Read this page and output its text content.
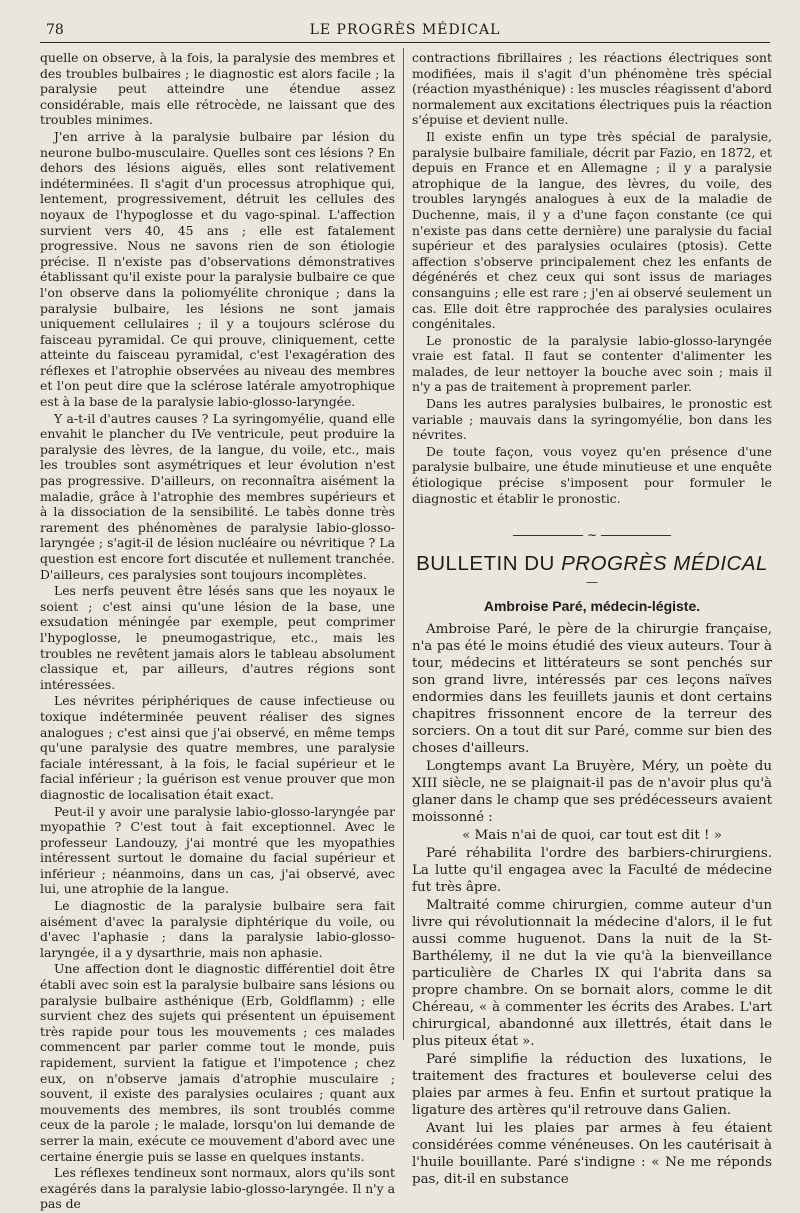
78	LE PROGRÈS MÉDICAL

quelle on observe, à la fois, la paralysie des membres et des troubles bulbaires ; le diagnostic est alors facile ; la paralysie peut atteindre une étendue assez considérable, mais elle rétrocède, ne laissant que des troubles minimes.

J'en arrive à la paralysie bulbaire par lésion du neurone bulbo-musculaire. Quelles sont ces lésions ? En dehors des lésions aiguës, elles sont relativement indéterminées. Il s'agit d'un processus atrophique qui, lentement, progressivement, détruit les cellules des noyaux de l'hypoglosse et du vago-spinal. L'affection survient vers 40, 45 ans ; elle est fatalement progressive. Nous ne savons rien de son étiologie précise. Il n'existe pas d'observations démonstratives établissant qu'il existe pour la paralysie bulbaire ce que l'on observe dans la poliomyélite chronique ; dans la paralysie bulbaire, les lésions ne sont jamais uniquement cellulaires ; il y a toujours sclérose du faisceau pyramidal. Ce qui prouve, cliniquement, cette atteinte du faisceau pyramidal, c'est l'exagération des réflexes et l'atrophie observées au niveau des membres et l'on peut dire que la sclérose latérale amyotrophique est à la base de la paralysie labio-glosso-laryngée.

Y a-t-il d'autres causes ? La syringomyélie, quand elle envahit le plancher du IVe ventricule, peut produire la paralysie des lèvres, de la langue, du voile, etc., mais les troubles sont asymétriques et leur évolution n'est pas progressive. D'ailleurs, on reconnaîtra aisément la maladie, grâce à l'atrophie des membres supérieurs et à la dissociation de la sensibilité. Le tabès donne très rarement des phénomènes de paralysie labio-glosso-laryngée ; s'agit-il de lésion nucléaire ou névritique ? La question est encore fort discutée et nullement tranchée. D'ailleurs, ces paralysies sont toujours incomplètes.

Les nerfs peuvent être lésés sans que les noyaux le soient ; c'est ainsi qu'une lésion de la base, une exsudation méningée par exemple, peut comprimer l'hypoglosse, le pneumogastrique, etc., mais les troubles ne revêtent jamais alors le tableau absolument classique et, par ailleurs, d'autres régions sont intéressées.

Les névrites périphériques de cause infectieuse ou toxique indéterminée peuvent réaliser des signes analogues ; c'est ainsi que j'ai observé, en même temps qu'une paralysie des quatre membres, une paralysie faciale intéressant, à la fois, le facial supérieur et le facial inférieur ; la guérison est venue prouver que mon diagnostic de localisation était exact.

Peut-il y avoir une paralysie labio-glosso-laryngée par myopathie ? C'est tout à fait exceptionnel. Avec le professeur Landouzy, j'ai montré que les myopathies intéressent surtout le domaine du facial supérieur et inférieur ; néanmoins, dans un cas, j'ai observé, avec lui, une atrophie de la langue.

Le diagnostic de la paralysie bulbaire sera fait aisément d'avec la paralysie diphtérique du voile, ou d'avec l'aphasie ; dans la paralysie labio-glosso-laryngée, il a y dysarthrie, mais non aphasie.

Une affection dont le diagnostic différentiel doit être établi avec soin est la paralysie bulbaire sans lésions ou paralysie bulbaire asthénique (Erb, Goldflamm) ; elle survient chez des sujets qui présentent un épuisement très rapide pour tous les mouvements ; ces malades commencent par parler comme tout le monde, puis rapidement, survient la fatigue et l'impotence ; chez eux, on n'observe jamais d'atrophie musculaire ; souvent, il existe des paralysies oculaires ; quant aux mouvements des membres, ils sont troublés comme ceux de la parole ; le malade, lorsqu'on lui demande de serrer la main, exécute ce mouvement d'abord avec une certaine énergie puis se lasse en quelques instants.

Les réflexes tendineux sont normaux, alors qu'ils sont exagérés dans la paralysie labio-glosso-laryngée. Il n'y a pas de

contractions fibrillaires ; les réactions électriques sont modifiées, mais il s'agit d'un phénomène très spécial (réaction myasthénique) : les muscles réagissent d'abord normalement aux excitations électriques puis la réaction s'épuise et devient nulle.

Il existe enfin un type très spécial de paralysie, paralysie bulbaire familiale, décrit par Fazio, en 1872, et depuis en France et en Allemagne ; il y a paralysie atrophique de la langue, des lèvres, du voile, des troubles laryngés analogues à eux de la maladie de Duchenne, mais, il y a d'une façon constante (ce qui n'existe pas dans cette dernière) une paralysie du facial supérieur et des paralysies oculaires (ptosis). Cette affection s'observe principalement chez les enfants de dégénérés et chez ceux qui sont issus de mariages consanguins ; elle est rare ; j'en ai observé seulement un cas. Elle doit être rapprochée des paralysies oculaires congénitales.

Le pronostic de la paralysie labio-glosso-laryngée vraie est fatal. Il faut se contenter d'alimenter les malades, de leur nettoyer la bouche avec soin ; mais il n'y a pas de traitement à proprement parler.

Dans les autres paralysies bulbaires, le pronostic est variable ; mauvais dans la syringomyélie, bon dans les névrites.

De toute façon, vous voyez qu'en présence d'une paralysie bulbaire, une étude minutieuse et une enquête étiologique précise s'imposent pour formuler le diagnostic et établir le pronostic.

∼
BULLETIN DU PROGRÈS MÉDICAL
—
Ambroise Paré, médecin-légiste.

Ambroise Paré, le père de la chirurgie française, n'a pas été le moins étudié des vieux auteurs. Tour à tour, médecins et littérateurs se sont penchés sur son grand livre, intéressés par ces leçons naïves endormies dans les feuillets jaunis et dont certains chapitres frissonnent encore de la terreur des sorciers. On a tout dit sur Paré, comme sur bien des choses d'ailleurs.

Longtemps avant La Bruyère, Méry, un poète du XIII siècle, ne se plaignait-il pas de n'avoir plus qu'à glaner dans le champ que ses prédécesseurs avaient moissonné :

« Mais n'ai de quoi, car tout est dit ! »

Paré réhabilita l'ordre des barbiers-chirurgiens. La lutte qu'il engagea avec la Faculté de médecine fut très âpre.

Maltraité comme chirurgien, comme auteur d'un livre qui révolutionnait la médecine d'alors, il le fut aussi comme huguenot. Dans la nuit de la St-Barthélemy, il ne dut la vie qu'à la bienveillance particulière de Charles IX qui l'abrita dans sa propre chambre. On se bornait alors, comme le dit Chéreau, « à commenter les écrits des Arabes. L'art chirurgical, abandonné aux illettrés, était dans le plus piteux état ».

Paré simplifie la réduction des luxations, le traitement des fractures et bouleverse celui des plaies par armes à feu. Enfin et surtout pratique la ligature des artères qu'il retrouve dans Galien.

Avant lui les plaies par armes à feu étaient considérées comme vénéneuses. On les cautérisait à l'huile bouillante. Paré s'indigne : « Ne me réponds pas, dit-il en substance
